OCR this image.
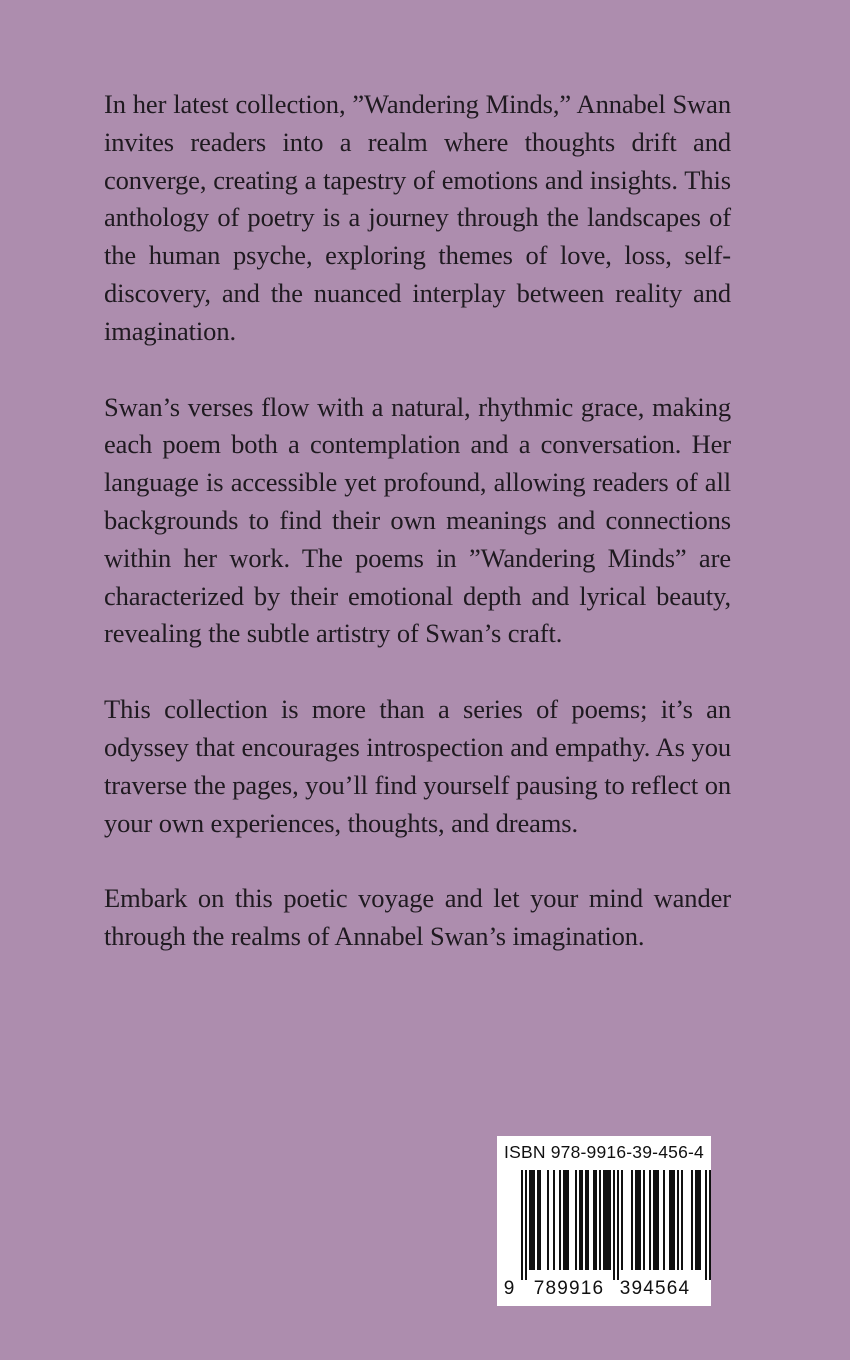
In her latest collection, ”Wandering Minds,” Annabel Swan invites readers into a realm where thoughts drift and converge, creating a tapestry of emotions and insights. This anthology of poetry is a journey through the landscapes of the human psyche, exploring themes of love, loss, self-discovery, and the nuanced interplay between reality and imagination.

Swan’s verses flow with a natural, rhythmic grace, making each poem both a contemplation and a conversation. Her language is accessible yet profound, allowing readers of all backgrounds to find their own meanings and connections within her work. The poems in ”Wandering Minds” are characterized by their emotional depth and lyrical beauty, revealing the subtle artistry of Swan’s craft.

This collection is more than a series of poems; it’s an odyssey that encourages introspection and empathy. As you traverse the pages, you’ll find yourself pausing to reflect on your own experiences, thoughts, and dreams.

Embark on this poetic voyage and let your mind wander through the realms of Annabel Swan’s imagination.

ISBN 978-9916-39-456-4
9 789916 394564
